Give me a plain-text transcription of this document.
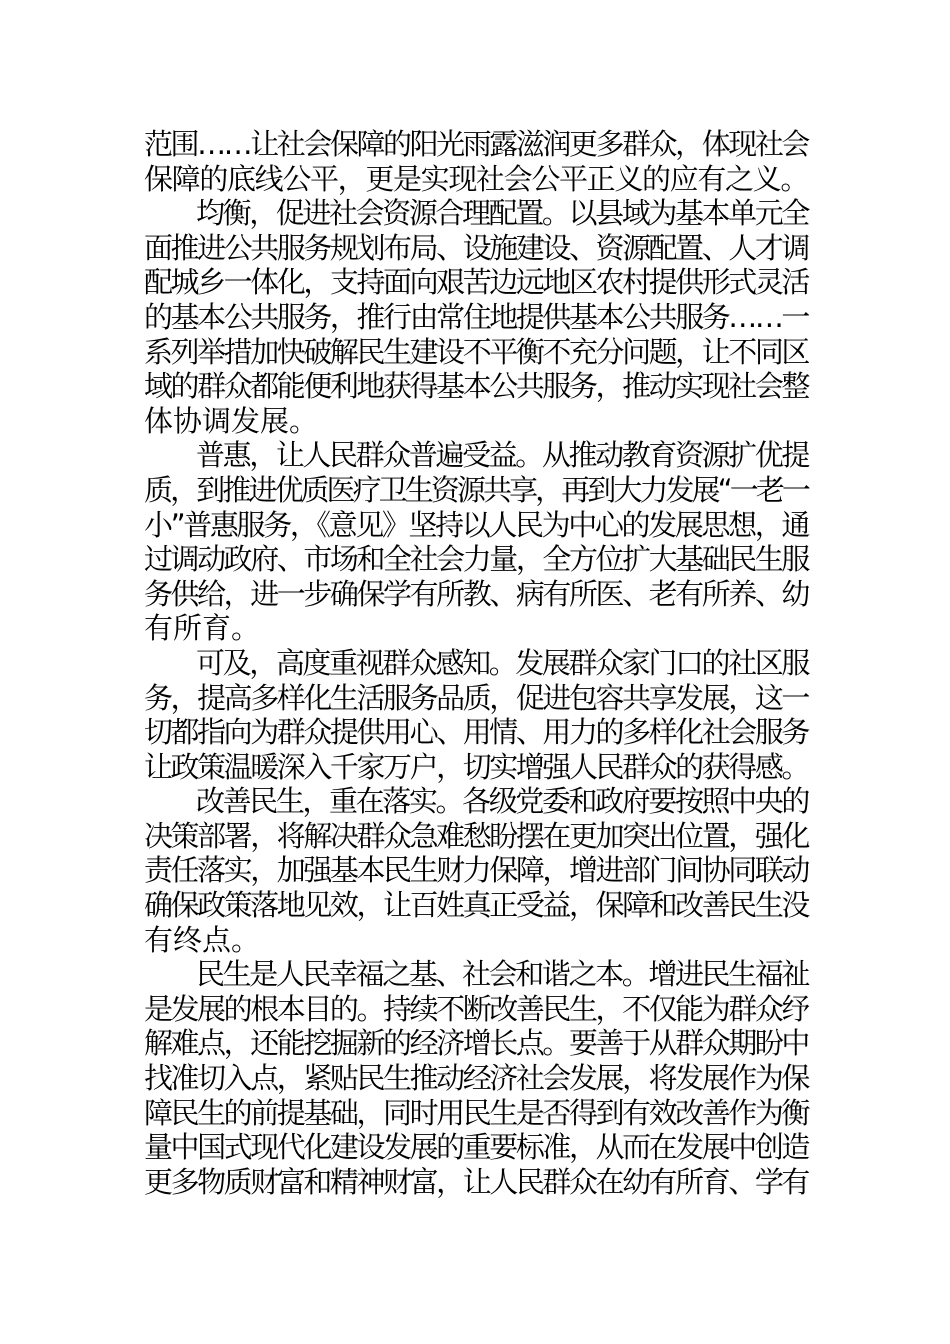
范围……让社会保障的阳光雨露滋润更多群众，体现社会
保障的底线公平，更是实现社会公平正义的应有之义。
均衡，促进社会资源合理配置。以县域为基本单元全
面推进公共服务规划布局、设施建设、资源配置、人才调
配城乡一体化，支持面向艰苦边远地区农村提供形式灵活
的基本公共服务，推行由常住地提供基本公共服务……一
系列举措加快破解民生建设不平衡不充分问题，让不同区
域的群众都能便利地获得基本公共服务，推动实现社会整
体协调发展。
普惠，让人民群众普遍受益。从推动教育资源扩优提
质，到推进优质医疗卫生资源共享，再到大力发展“一老一
小”普惠服务，《意见》坚持以人民为中心的发展思想，通
过调动政府、市场和全社会力量，全方位扩大基础民生服
务供给，进一步确保学有所教、病有所医、老有所养、幼
有所育。
可及，高度重视群众感知。发展群众家门口的社区服
务，提高多样化生活服务品质，促进包容共享发展，这一
切都指向为群众提供用心、用情、用力的多样化社会服务
让政策温暖深入千家万户，切实增强人民群众的获得感。
改善民生，重在落实。各级党委和政府要按照中央的
决策部署，将解决群众急难愁盼摆在更加突出位置，强化
责任落实，加强基本民生财力保障，增进部门间协同联动
确保政策落地见效，让百姓真正受益，保障和改善民生没
有终点。
民生是人民幸福之基、社会和谐之本。增进民生福祉
是发展的根本目的。持续不断改善民生，不仅能为群众纾
解难点，还能挖掘新的经济增长点。要善于从群众期盼中
找准切入点，紧贴民生推动经济社会发展，将发展作为保
障民生的前提基础，同时用民生是否得到有效改善作为衡
量中国式现代化建设发展的重要标准，从而在发展中创造
更多物质财富和精神财富，让人民群众在幼有所育、学有
